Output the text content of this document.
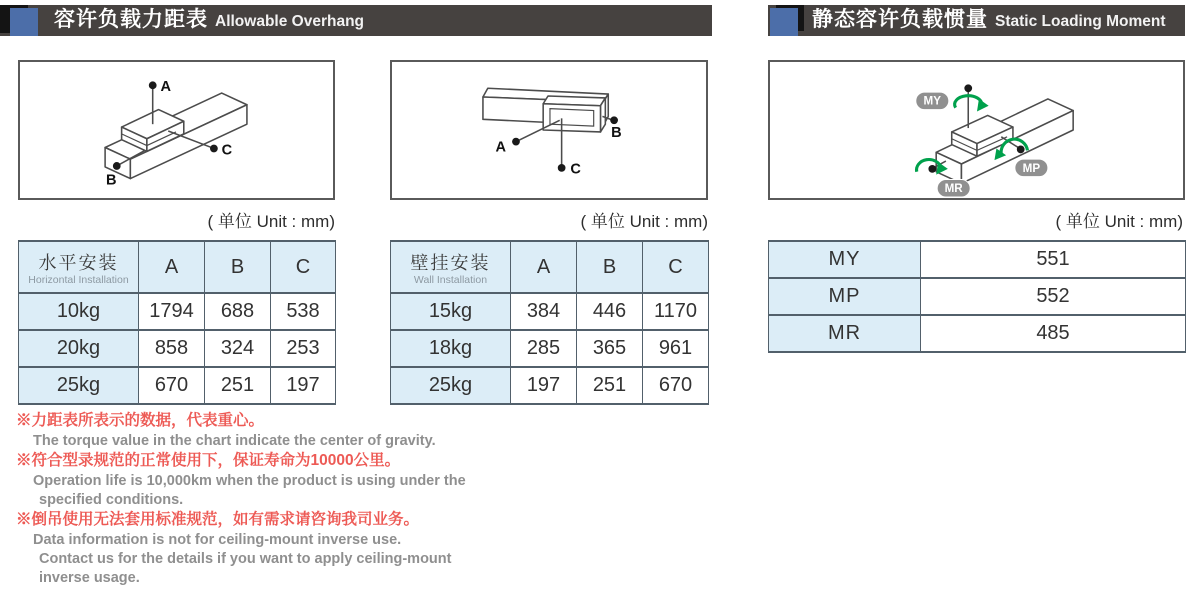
容许负载力距表 Allowable Overhang	静态容许负载惯量 Static Loading Moment
A
B
C	A
B
C
MY
MP
MR
( 单位 Unit : mm)	( 单位 Unit : mm)	( 单位 Unit : mm)
水平安装
Horizontal Installation	A	B	C
10kg	1794	688	538
20kg	858	324	253
25kg	670	251	197
壁挂安装
Wall Installation	A	B	C
15kg	384	446	1170
18kg	285	365	961
25kg	197	251	670
MY	551
MP	552
MR	485
※力距表所表示的数据，代表重心。
The torque value in the chart indicate the center of gravity.
※符合型录规范的正常使用下，保证寿命为10000公里。
Operation life is 10,000km when the product is using under the
specified conditions.
※倒吊使用无法套用标准规范，如有需求请咨询我司业务。
Data information is not for ceiling-mount inverse use.
Contact us for the details if you want to apply ceiling-mount
inverse usage.
